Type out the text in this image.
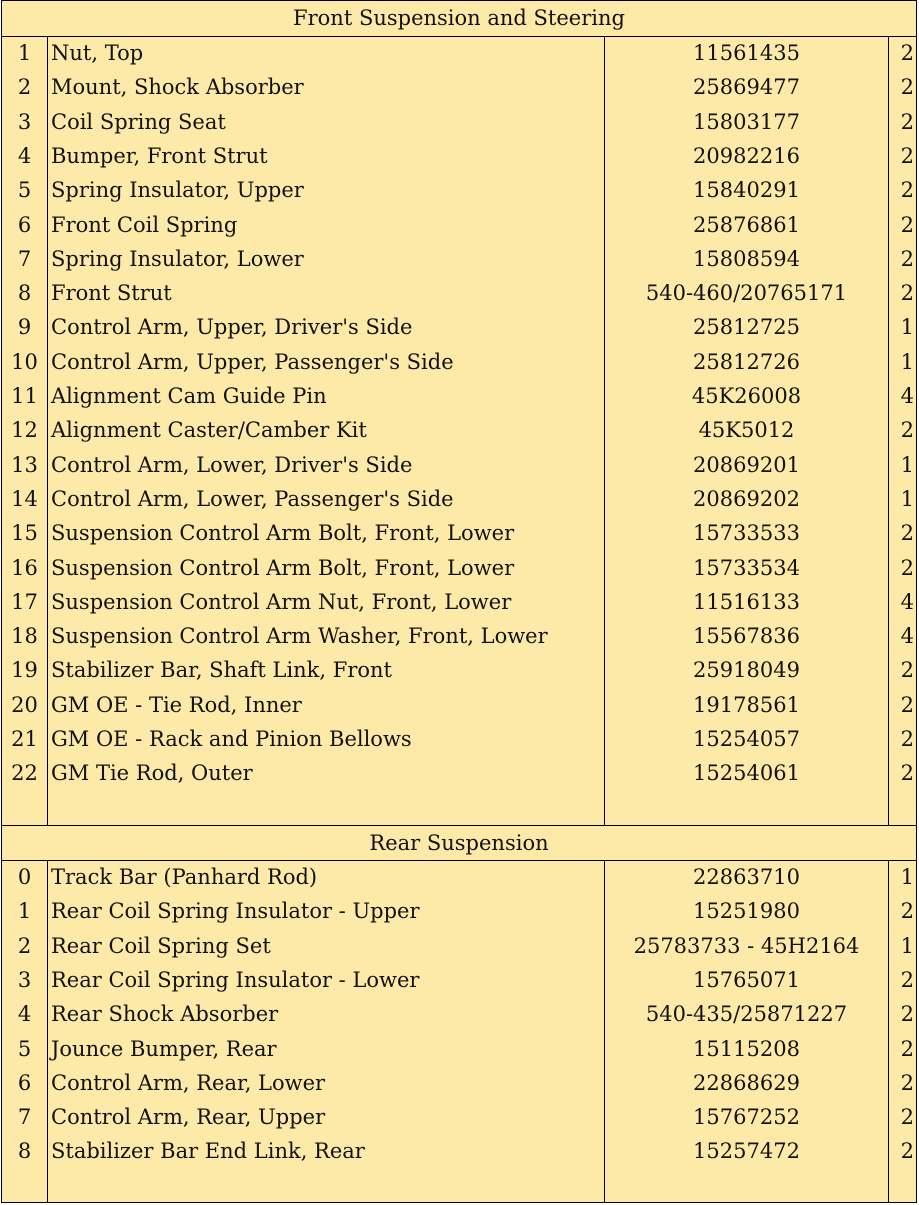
Front Suspension and Steering
1 Nut, Top	11561435	2
2 Mount, Shock Absorber	25869477	2
3 Coil Spring Seat	15803177	2
4 Bumper, Front Strut	20982216	2
5 Spring Insulator, Upper	15840291	2
6 Front Coil Spring	25876861	2
7 Spring Insulator, Lower	15808594	2
8 Front Strut	540-460/20765171	2
9 Control Arm, Upper, Driver's Side	25812725	1
10 Control Arm, Upper, Passenger's Side	25812726	1
11 Alignment Cam Guide Pin	45K26008	4
12 Alignment Caster/Camber Kit	45K5012	2
13 Control Arm, Lower, Driver's Side	20869201	1
14 Control Arm, Lower, Passenger's Side	20869202	1
15 Suspension Control Arm Bolt, Front, Lower	15733533	2
16 Suspension Control Arm Bolt, Front, Lower	15733534	2
17 Suspension Control Arm Nut, Front, Lower	11516133	4
18 Suspension Control Arm Washer, Front, Lower	15567836	4
19 Stabilizer Bar, Shaft Link, Front	25918049	2
20 GM OE - Tie Rod, Inner	19178561	2
21 GM OE - Rack and Pinion Bellows	15254057	2
22 GM Tie Rod, Outer	15254061	2
Rear Suspension
0 Track Bar (Panhard Rod)	22863710	1
1 Rear Coil Spring Insulator - Upper	15251980	2
2 Rear Coil Spring Set	25783733 - 45H2164	1
3 Rear Coil Spring Insulator - Lower	15765071	2
4 Rear Shock Absorber	540-435/25871227	2
5 Jounce Bumper, Rear	15115208	2
6 Control Arm, Rear, Lower	22868629	2
7 Control Arm, Rear, Upper	15767252	2
8 Stabilizer Bar End Link, Rear	15257472	2
